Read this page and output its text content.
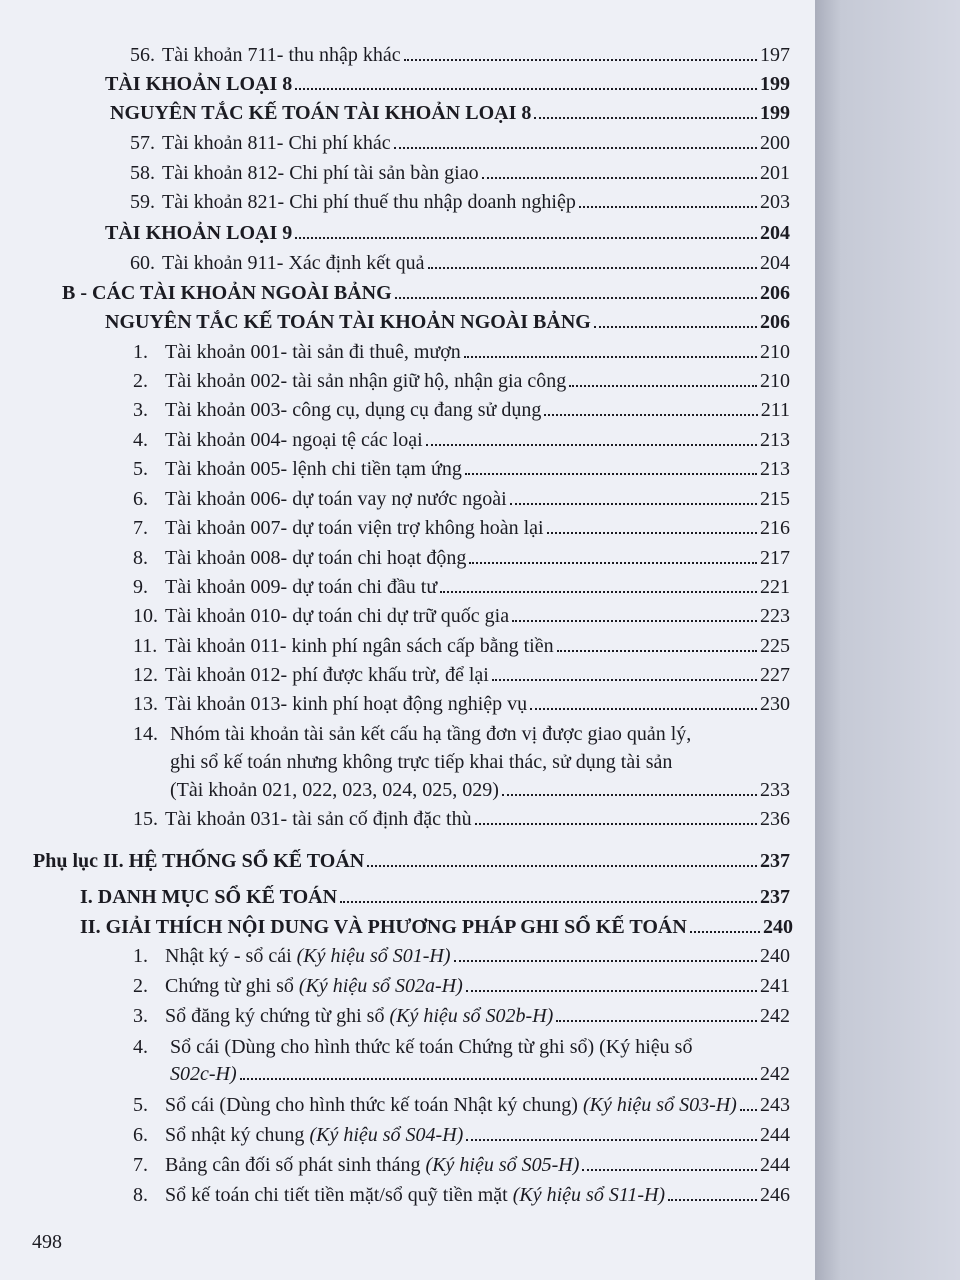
56. Tài khoản 711- thu nhập khác	197
TÀI KHOẢN LOẠI 8	199
NGUYÊN TẮC KẾ TOÁN TÀI KHOẢN LOẠI 8	199
57. Tài khoản 811- Chi phí khác	200
58. Tài khoản 812- Chi phí tài sản bàn giao	201
59. Tài khoản 821- Chi phí thuế thu nhập doanh nghiệp	203
TÀI KHOẢN LOẠI 9	204
60. Tài khoản 911- Xác định kết quả	204
B - CÁC TÀI KHOẢN NGOÀI BẢNG	206
NGUYÊN TẮC KẾ TOÁN TÀI KHOẢN NGOÀI BẢNG	206
1. Tài khoản 001- tài sản đi thuê, mượn	210
2. Tài khoản 002- tài sản nhận giữ hộ, nhận gia công	210
3. Tài khoản 003- công cụ, dụng cụ đang sử dụng	211
4. Tài khoản 004- ngoại tệ các loại	213
5. Tài khoản 005- lệnh chi tiền tạm ứng	213
6. Tài khoản 006- dự toán vay nợ nước ngoài	215
7. Tài khoản 007- dự toán viện trợ không hoàn lại	216
8. Tài khoản 008- dự toán chi hoạt động	217
9. Tài khoản 009- dự toán chi đầu tư	221
10. Tài khoản 010- dự toán chi dự trữ quốc gia	223
11. Tài khoản 011- kinh phí ngân sách cấp bằng tiền	225
12. Tài khoản 012- phí được khấu trừ, để lại	227
13. Tài khoản 013- kinh phí hoạt động nghiệp vụ	230
14. Nhóm tài khoản tài sản kết cấu hạ tầng đơn vị được giao quản lý,
ghi sổ kế toán nhưng không trực tiếp khai thác, sử dụng tài sản
(Tài khoản 021, 022, 023, 024, 025, 029)	233
15. Tài khoản 031- tài sản cố định đặc thù	236
Phụ lục II. HỆ THỐNG SỔ KẾ TOÁN	237
I. DANH MỤC SỔ KẾ TOÁN	237
II. GIẢI THÍCH NỘI DUNG VÀ PHƯƠNG PHÁP GHI SỔ KẾ TOÁN	240
1. Nhật ký - sổ cái (Ký hiệu sổ S01-H)	240
2. Chứng từ ghi sổ (Ký hiệu sổ S02a-H)	241
3. Sổ đăng ký chứng từ ghi sổ (Ký hiệu sổ S02b-H)	242
4. Sổ cái (Dùng cho hình thức kế toán Chứng từ ghi sổ) (Ký hiệu sổ
S02c-H)	242
5. Sổ cái (Dùng cho hình thức kế toán Nhật ký chung) (Ký hiệu sổ S03-H) 243
6. Sổ nhật ký chung (Ký hiệu sổ S04-H)	244
7. Bảng cân đối số phát sinh tháng (Ký hiệu sổ S05-H)	244
8. Sổ kế toán chi tiết tiền mặt/sổ quỹ tiền mặt (Ký hiệu sổ S11-H)	246
498
